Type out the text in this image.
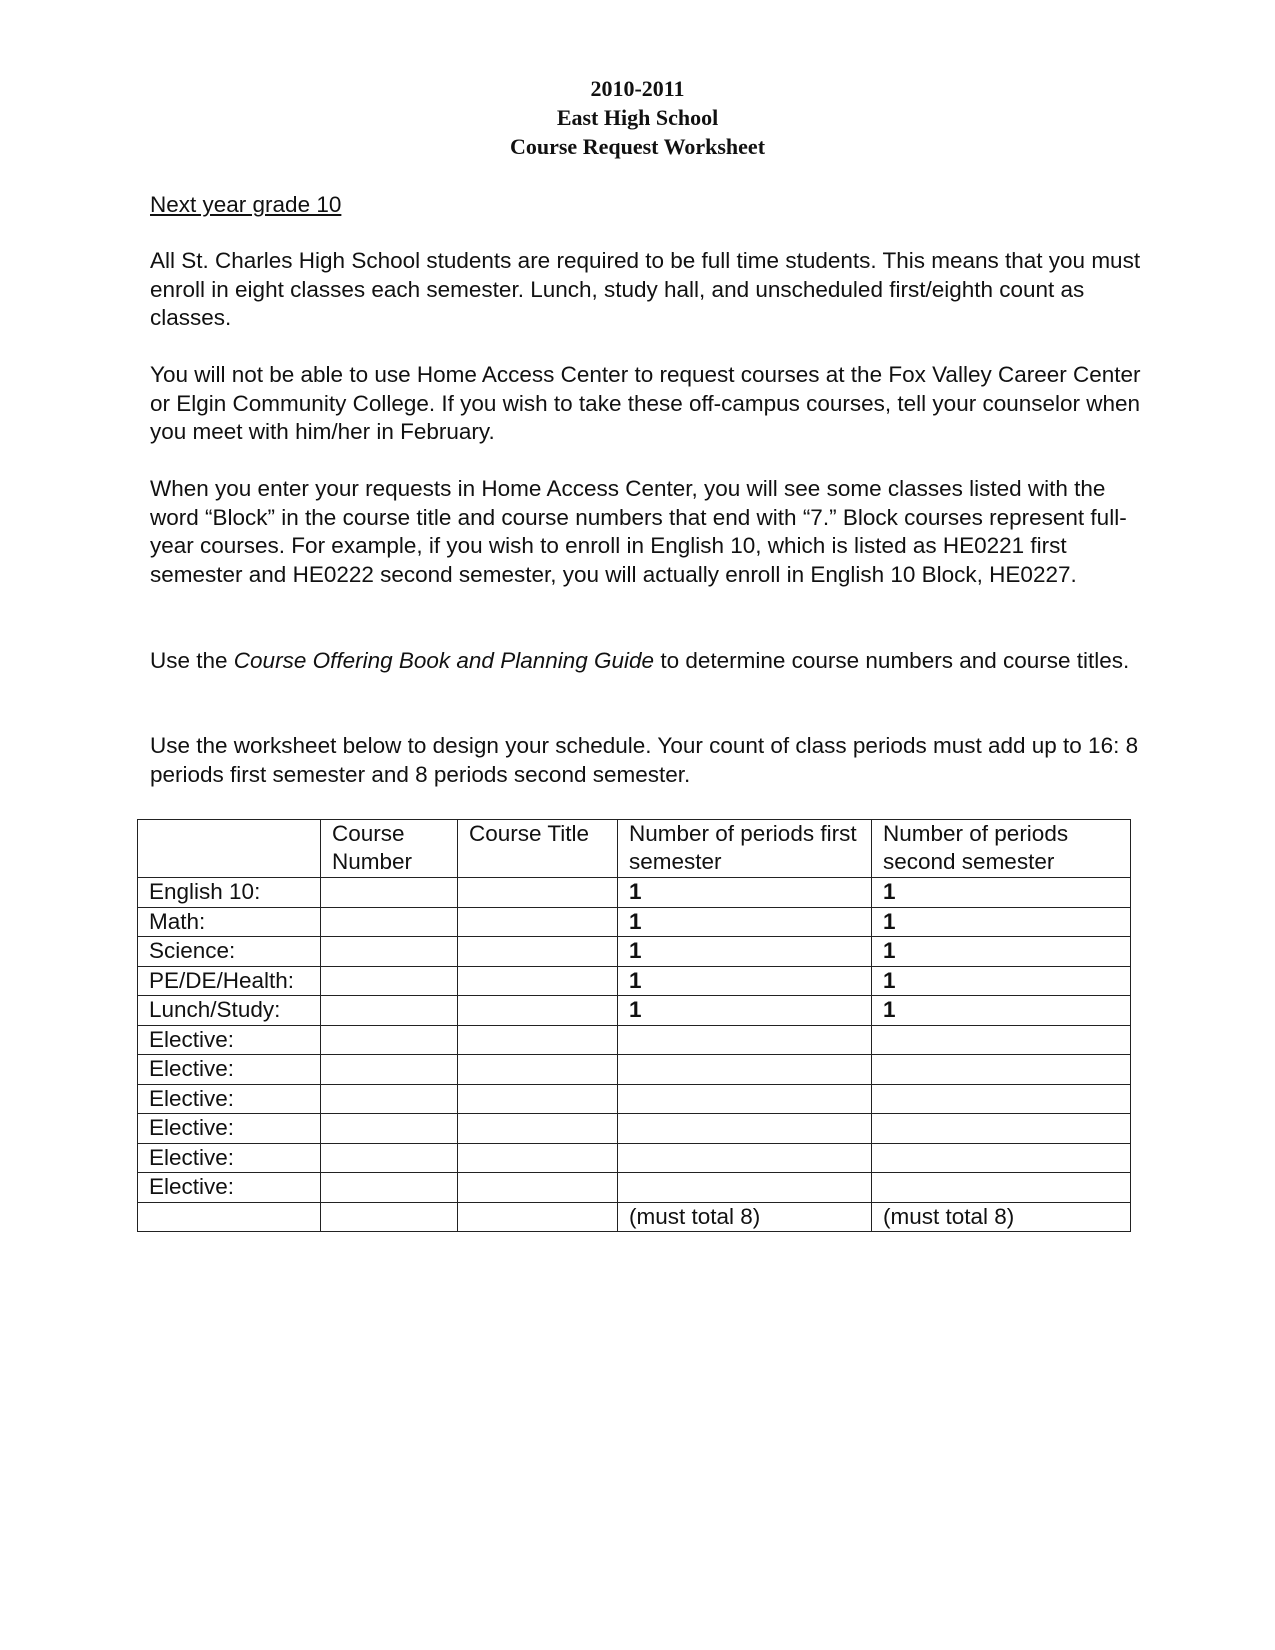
2010-2011
East High School
Course Request Worksheet

Next year grade 10

All St. Charles High School students are required to be full time students. This means that you must enroll in eight classes each semester. Lunch, study hall, and unscheduled first/eighth count as classes.

You will not be able to use Home Access Center to request courses at the Fox Valley Career Center or Elgin Community College. If you wish to take these off-campus courses, tell your counselor when you meet with him/her in February.

When you enter your requests in Home Access Center, you will see some classes listed with the word “Block” in the course title and course numbers that end with “7.” Block courses represent full-year courses. For example, if you wish to enroll in English 10, which is listed as HE0221 first semester and HE0222 second semester, you will actually enroll in English 10 Block, HE0227.

Use the Course Offering Book and Planning Guide to determine course numbers and course titles.

Use the worksheet below to design your schedule. Your count of class periods must add up to 16: 8 periods first semester and 8 periods second semester.

	Course Number	Course Title	Number of periods first semester	Number of periods second semester
English 10:			1	1
Math:			1	1
Science:			1	1
PE/DE/Health:			1	1
Lunch/Study:			1	1
Elective:				
Elective:				
Elective:				
Elective:				
Elective:				
Elective:				
			(must total 8)	(must total 8)
